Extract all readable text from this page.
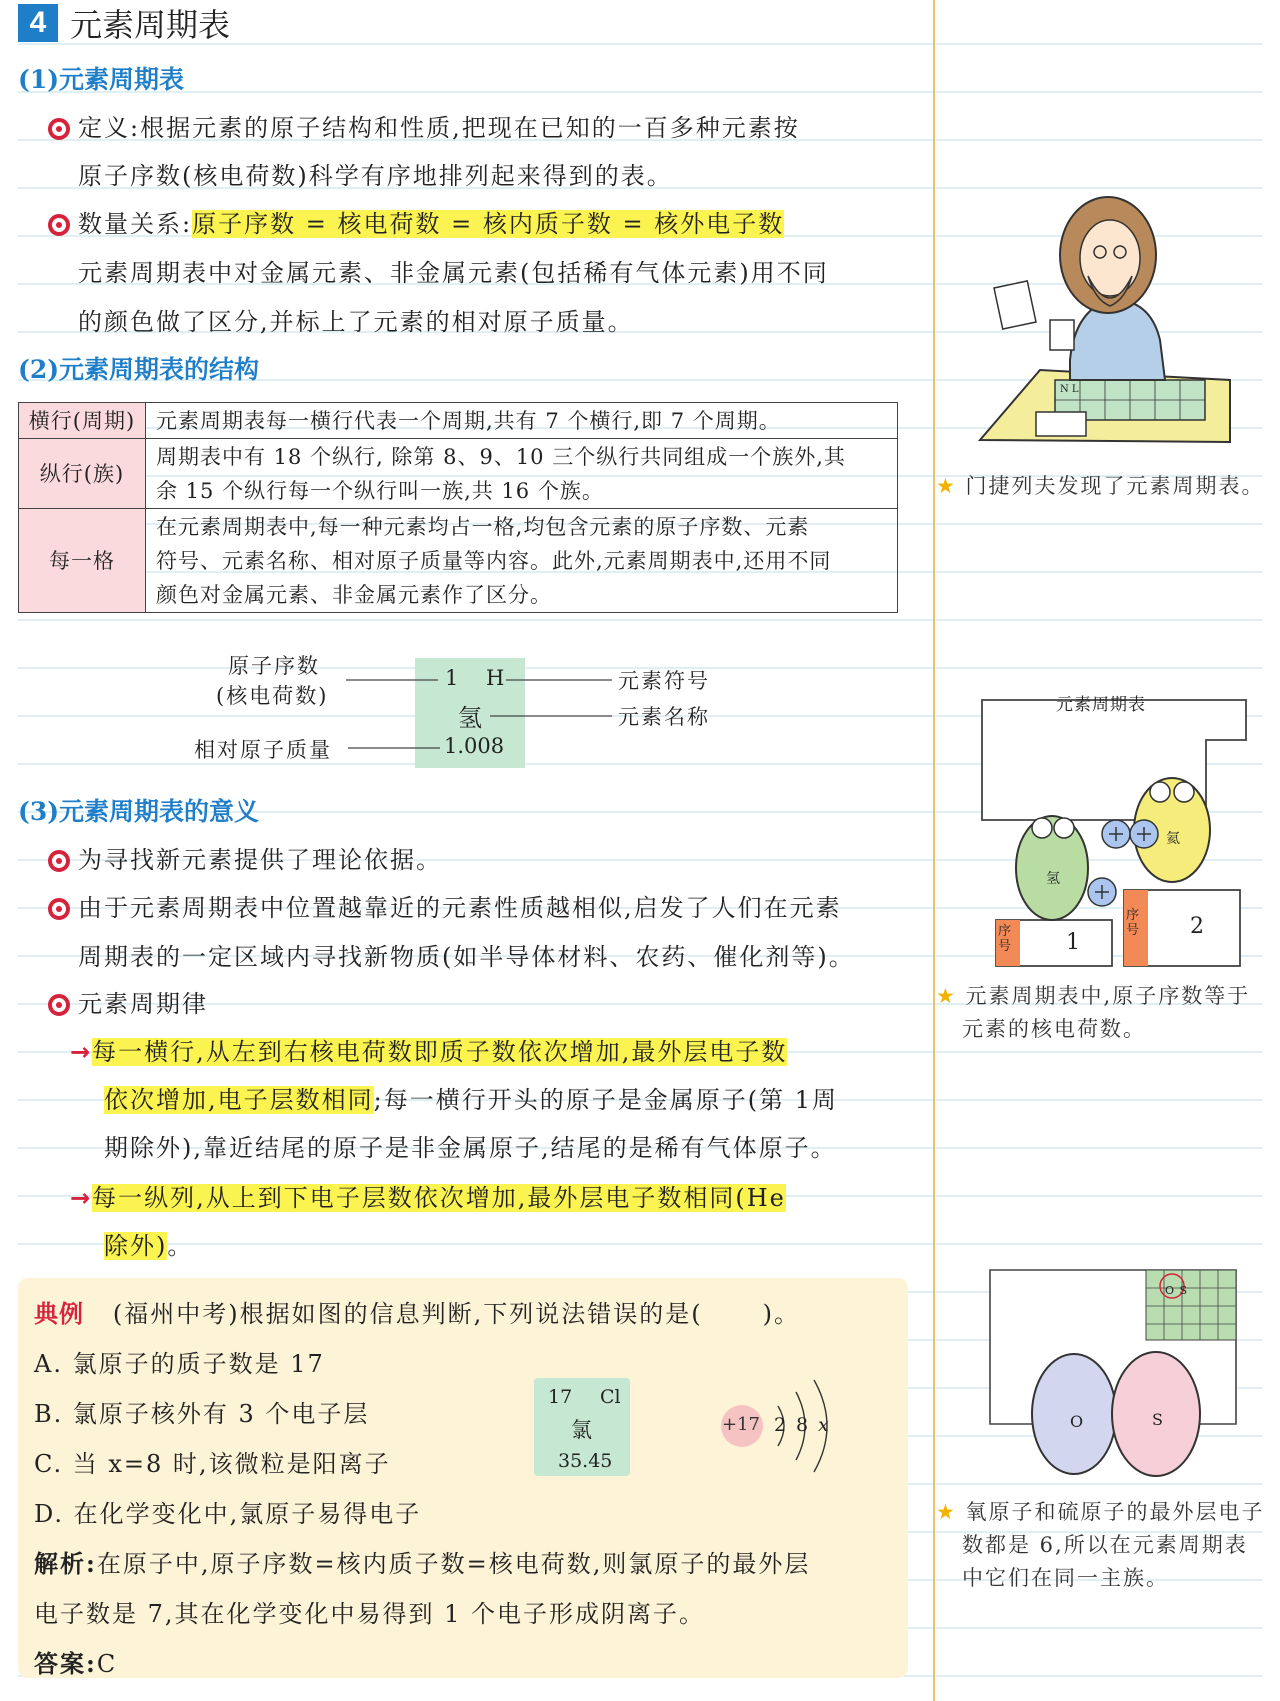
4 元素周期表
(1)元素周期表
定义:根据元素的原子结构和性质,把现在已知的一百多种元素按
原子序数(核电荷数)科学有序地排列起来得到的表。
数量关系:原子序数 = 核电荷数 = 核内质子数 = 核外电子数
元素周期表中对金属元素、非金属元素(包括稀有气体元素)用不同
的颜色做了区分,并标上了元素的相对原子质量。
(2)元素周期表的结构
横行(周期)	元素周期表每一横行代表一个周期,共有 7 个横行,即 7 个周期。

纵行(族)	周期表中有 18 个纵行, 除第 8、9、10 三个纵行共同组成一个族外,其
余 15 个纵行每一个纵行叫一族,共 16 个族。

每一格	在元素周期表中,每一种元素均占一格,均包含元素的原子序数、元素
符号、元素名称、相对原子质量等内容。此外,元素周期表中,还用不同
颜色对金属元素、非金属元素作了区分。
1 H
氢
1.008
原子序数
(核电荷数)
相对原子质量
元素符号
元素名称
(3)元素周期表的意义
为寻找新元素提供了理论依据。
由于元素周期表中位置越靠近的元素性质越相似,启发了人们在元素
周期表的一定区域内寻找新物质(如半导体材料、农药、催化剂等)。
元素周期律
→每一横行,从左到右核电荷数即质子数依次增加,最外层电子数
依次增加,电子层数相同;每一横行开头的原子是金属原子(第 1周
期除外),靠近结尾的原子是非金属原子,结尾的是稀有气体原子。
→每一纵列,从上到下电子层数依次增加,最外层电子数相同(He
除外)。
典例 (福州中考)根据如图的信息判断,下列说法错误的是(	)。
A. 氯原子的质子数是 17
B. 氯原子核外有 3 个电子层
C. 当 x=8 时,该微粒是阳离子
D. 在化学变化中,氯原子易得电子
解析:在原子中,原子序数=核内质子数=核电荷数,则氯原子的最外层
电子数是 7,其在化学变化中易得到 1 个电子形成阴离子。
答案:C
17 Cl
氯
35.45
+17 2 8 x
N L
★ 门捷列夫发现了元素周期表。
元素周期表
氢
氦
序号
序号
1
2
★ 元素周期表中,原子序数等于
元素的核电荷数。
O S
O	S
★ 氧原子和硫原子的最外层电子
数都是 6,所以在元素周期表
中它们在同一主族。
